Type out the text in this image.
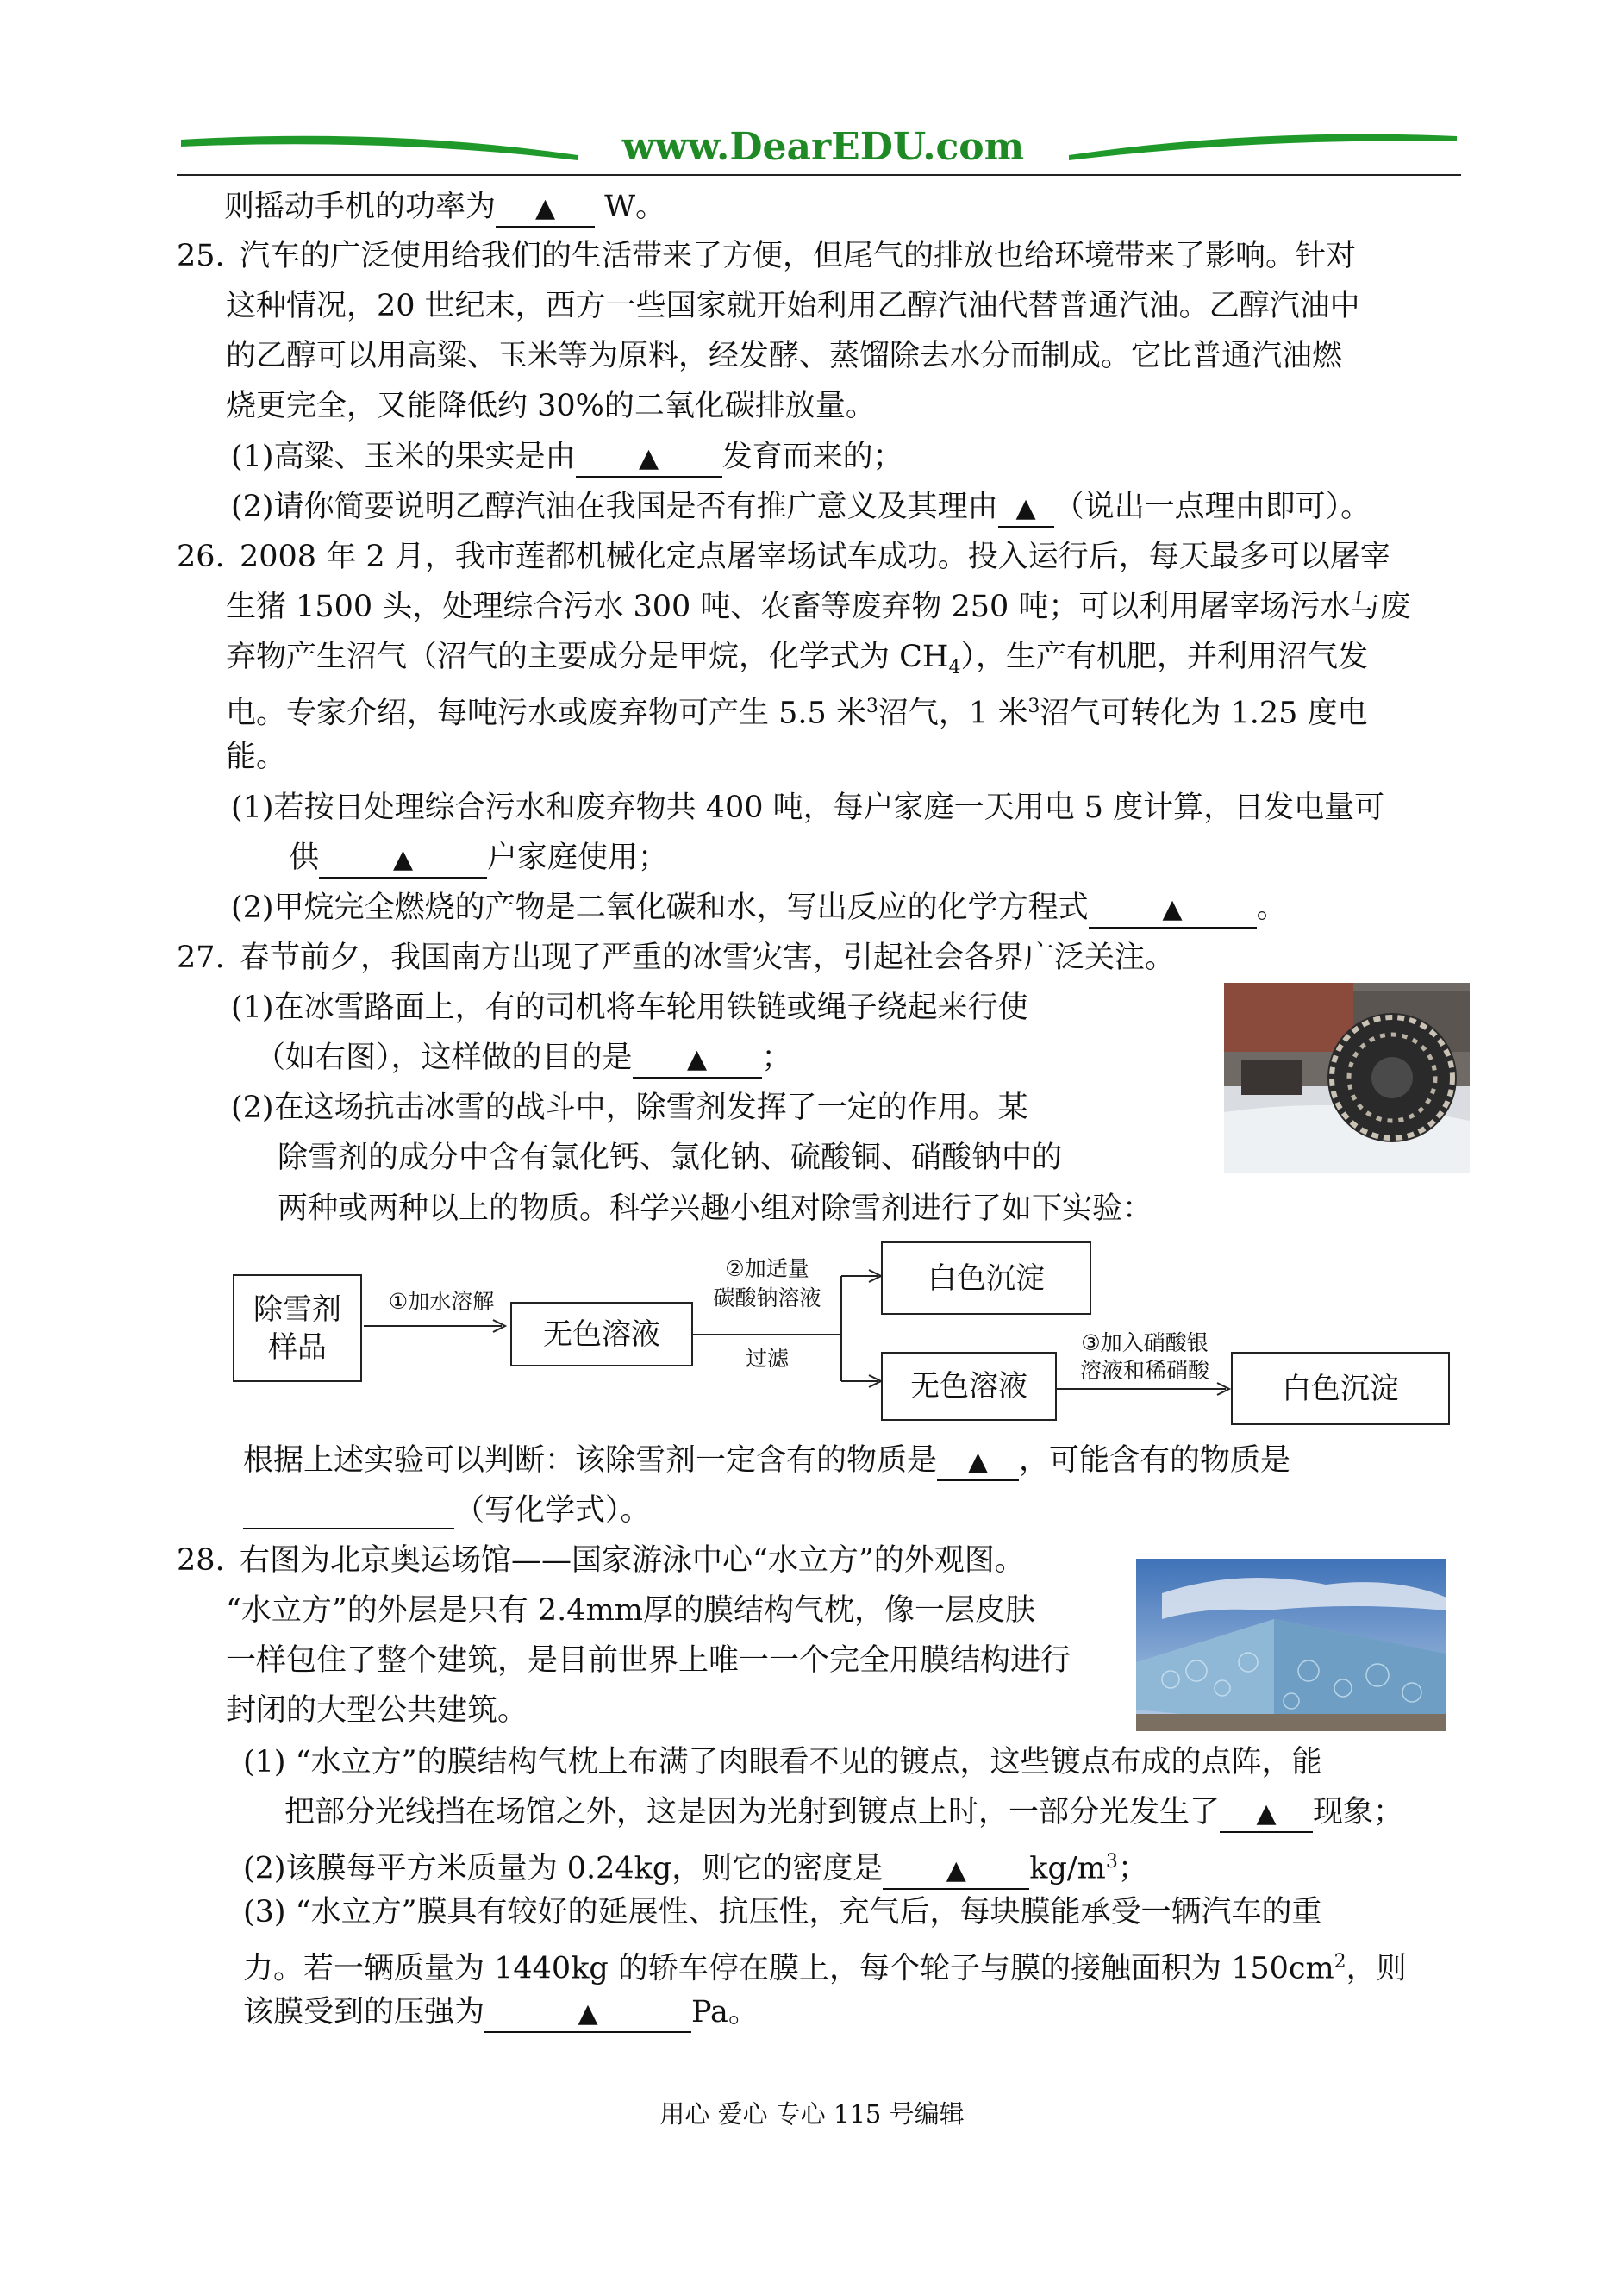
www.DearEDU.com
则摇动手机的功率为 ▲ W。
25. 汽车的广泛使用给我们的生活带来了方便，但尾气的排放也给环境带来了影响。针对
这种情况，20 世纪末，西方一些国家就开始利用乙醇汽油代替普通汽油。乙醇汽油中
的乙醇可以用高粱、玉米等为原料，经发酵、蒸馏除去水分而制成。它比普通汽油燃
烧更完全，又能降低约 30%的二氧化碳排放量。
(1)高粱、玉米的果实是由 ▲ 发育而来的；
(2)请你简要说明乙醇汽油在我国是否有推广意义及其理由 ▲ （说出一点理由即可）。
26. 2008 年 2 月，我市莲都机械化定点屠宰场试车成功。投入运行后，每天最多可以屠宰
生猪 1500 头，处理综合污水 300 吨、农畜等废弃物 250 吨；可以利用屠宰场污水与废
弃物产生沼气（沼气的主要成分是甲烷，化学式为 $CH_4$），生产有机肥，并利用沼气发
电。专家介绍，每吨污水或废弃物可产生 5.5 米$^3$沼气，1 米$^3$沼气可转化为 1.25 度电
能。
(1)若按日处理综合污水和废弃物共 400 吨，每户家庭一天用电 5 度计算，日发电量可
供	▲ 户家庭使用；
(2)甲烷完全燃烧的产物是二氧化碳和水，写出反应的化学方程式	▲ 。
27. 春节前夕，我国南方出现了严重的冰雪灾害，引起社会各界广泛关注。
(1)在冰雪路面上，有的司机将车轮用铁链或绳子绕起来行使
（如右图），这样做的目的是 ▲ ；
(2)在这场抗击冰雪的战斗中，除雪剂发挥了一定的作用。某
除雪剂的成分中含有氯化钙、氯化钠、硫酸铜、硝酸钠中的
两种或两种以上的物质。科学兴趣小组对除雪剂进行了如下实验：
除雪剂
样品
①加水溶解
无色溶液
②加适量
碳酸钠溶液
过滤
白色沉淀
无色溶液
③加入硝酸银
溶液和稀硝酸
白色沉淀
根据上述实验可以判断：该除雪剂一定含有的物质是 ▲ ，可能含有的物质是
（写化学式）。
28. 右图为北京奥运场馆——国家游泳中心“水立方”的外观图。
“水立方”的外层是只有 2.4mm厚的膜结构气枕，像一层皮肤
一样包住了整个建筑，是目前世界上唯一一个完全用膜结构进行
封闭的大型公共建筑。
(1) “水立方”的膜结构气枕上布满了肉眼看不见的镀点，这些镀点布成的点阵，能
把部分光线挡在场馆之外，这是因为光射到镀点上时，一部分光发生了 ▲ 现象；
(2)该膜每平方米质量为 0.24kg，则它的密度是 ▲ $kg/m^3$；
(3) “水立方”膜具有较好的延展性、抗压性，充气后，每块膜能承受一辆汽车的重
力。若一辆质量为 1440kg 的轿车停在膜上，每个轮子与膜的接触面积为 $150cm^2$，则
该膜受到的压强为	▲	Pa。
用心 爱心 专心 115 号编辑
